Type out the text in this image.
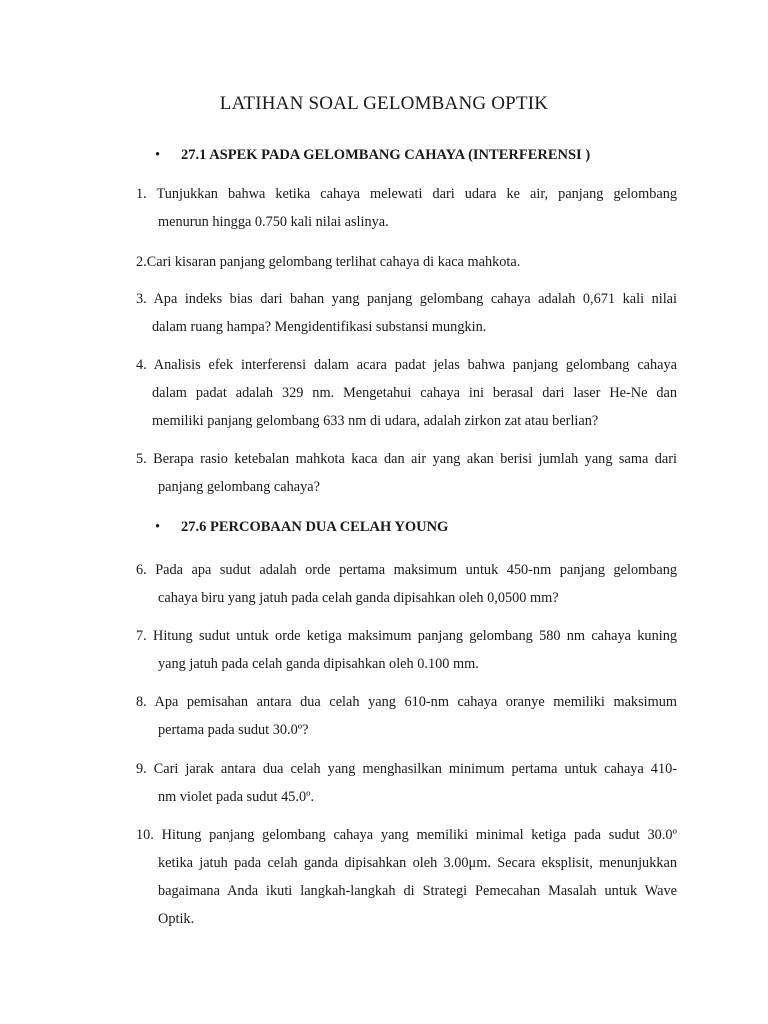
LATIHAN SOAL GELOMBANG OPTIK
• 27.1 ASPEK PADA GELOMBANG CAHAYA (INTERFERENSI )
1. Tunjukkan bahwa ketika cahaya melewati dari udara ke air, panjang gelombang
menurun hingga 0.750 kali nilai aslinya.
2.Cari kisaran panjang gelombang terlihat cahaya di kaca mahkota.
3. Apa indeks bias dari bahan yang panjang gelombang cahaya adalah 0,671 kali nilai
dalam ruang hampa? Mengidentifikasi substansi mungkin.
4. Analisis efek interferensi dalam acara padat jelas bahwa panjang gelombang cahaya
dalam padat adalah 329 nm. Mengetahui cahaya ini berasal dari laser He-Ne dan
memiliki panjang gelombang 633 nm di udara, adalah zirkon zat atau berlian?
5. Berapa rasio ketebalan mahkota kaca dan air yang akan berisi jumlah yang sama dari
panjang gelombang cahaya?
• 27.6 PERCOBAAN DUA CELAH YOUNG
6. Pada apa sudut adalah orde pertama maksimum untuk 450-nm panjang gelombang
cahaya biru yang jatuh pada celah ganda dipisahkan oleh 0,0500 mm?
7. Hitung sudut untuk orde ketiga maksimum panjang gelombang 580 nm cahaya kuning
yang jatuh pada celah ganda dipisahkan oleh 0.100 mm.
8. Apa pemisahan antara dua celah yang 610-nm cahaya oranye memiliki maksimum
pertama pada sudut 30.0º?
9. Cari jarak antara dua celah yang menghasilkan minimum pertama untuk cahaya 410-
nm violet pada sudut 45.0º.
10. Hitung panjang gelombang cahaya yang memiliki minimal ketiga pada sudut 30.0º
ketika jatuh pada celah ganda dipisahkan oleh 3.00μm. Secara eksplisit, menunjukkan
bagaimana Anda ikuti langkah-langkah di Strategi Pemecahan Masalah untuk Wave
Optik.
